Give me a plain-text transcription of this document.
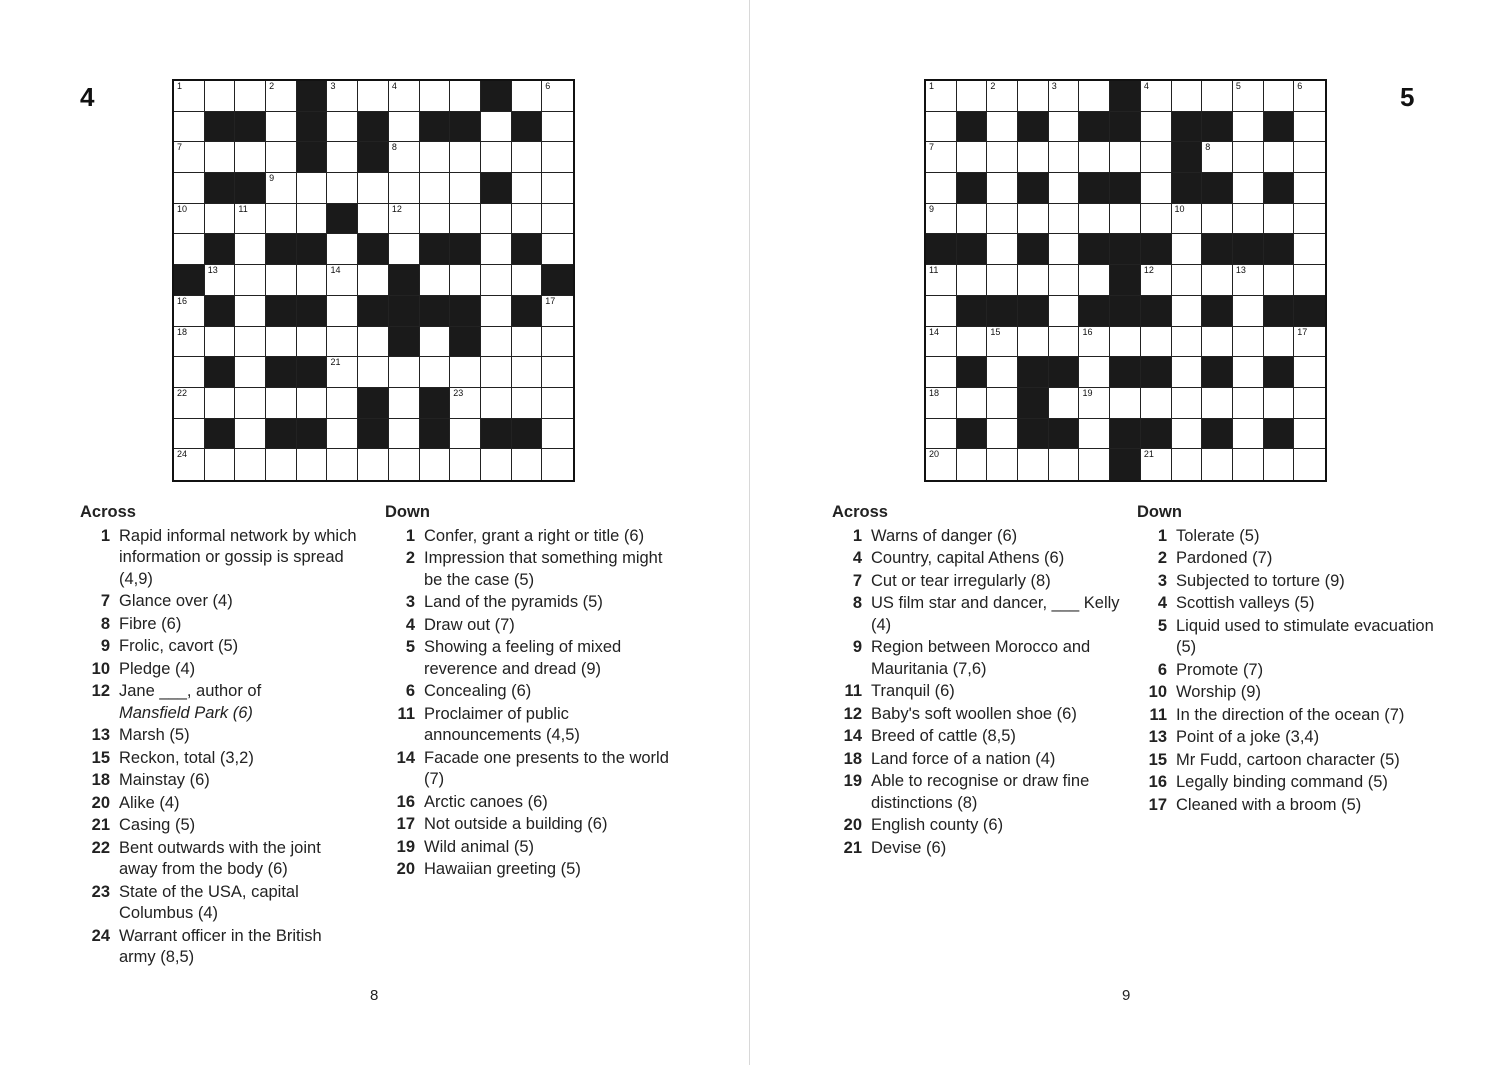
4	1	2	3	4	6
7	8
9
10	11	12
13	14
16	17
18
21
22	23
24
Across
1 Rapid informal network by which information or gossip is spread (4,9)
7 Glance over (4)
8 Fibre (6)
9 Frolic, cavort (5)
10 Pledge (4)
12 Jane ___, author of
Mansfield Park (6)
13 Marsh (5)
15 Reckon, total (3,2)
18 Mainstay (6)
20 Alike (4)
21 Casing (5)
22 Bent outwards with the joint away from the body (6)
23 State of the USA, capital Columbus (4)
24 Warrant officer in the British army (8,5)
Down
1 Confer, grant a right or title (6)
2 Impression that something might be the case (5)
3 Land of the pyramids (5)
4 Draw out (7)
5 Showing a feeling of mixed reverence and dread (9)
6 Concealing (6)
11 Proclaimer of public announcements (4,5)
14 Facade one presents to the world (7)
16 Arctic canoes (6)
17 Not outside a building (6)
19 Wild animal (5)
20 Hawaiian greeting (5)
8
5
1	2	3	4	5	6
7	8
9	10
11	12	13
14	15	16	17
18	19
20	21
Across
1 Warns of danger (6)
4 Country, capital Athens (6)
7 Cut or tear irregularly (8)
8 US film star and dancer, ___ Kelly (4)
9 Region between Morocco and Mauritania (7,6)
11 Tranquil (6)
12 Baby's soft woollen shoe (6)
14 Breed of cattle (8,5)
18 Land force of a nation (4)
19 Able to recognise or draw fine distinctions (8)
20 English county (6)
21 Devise (6)
Down
1 Tolerate (5)
2 Pardoned (7)
3 Subjected to torture (9)
4 Scottish valleys (5)
5 Liquid used to stimulate evacuation (5)
6 Promote (7)
10 Worship (9)
11 In the direction of the ocean (7)
13 Point of a joke (3,4)
15 Mr Fudd, cartoon character (5)
16 Legally binding command (5)
17 Cleaned with a broom (5)
9
